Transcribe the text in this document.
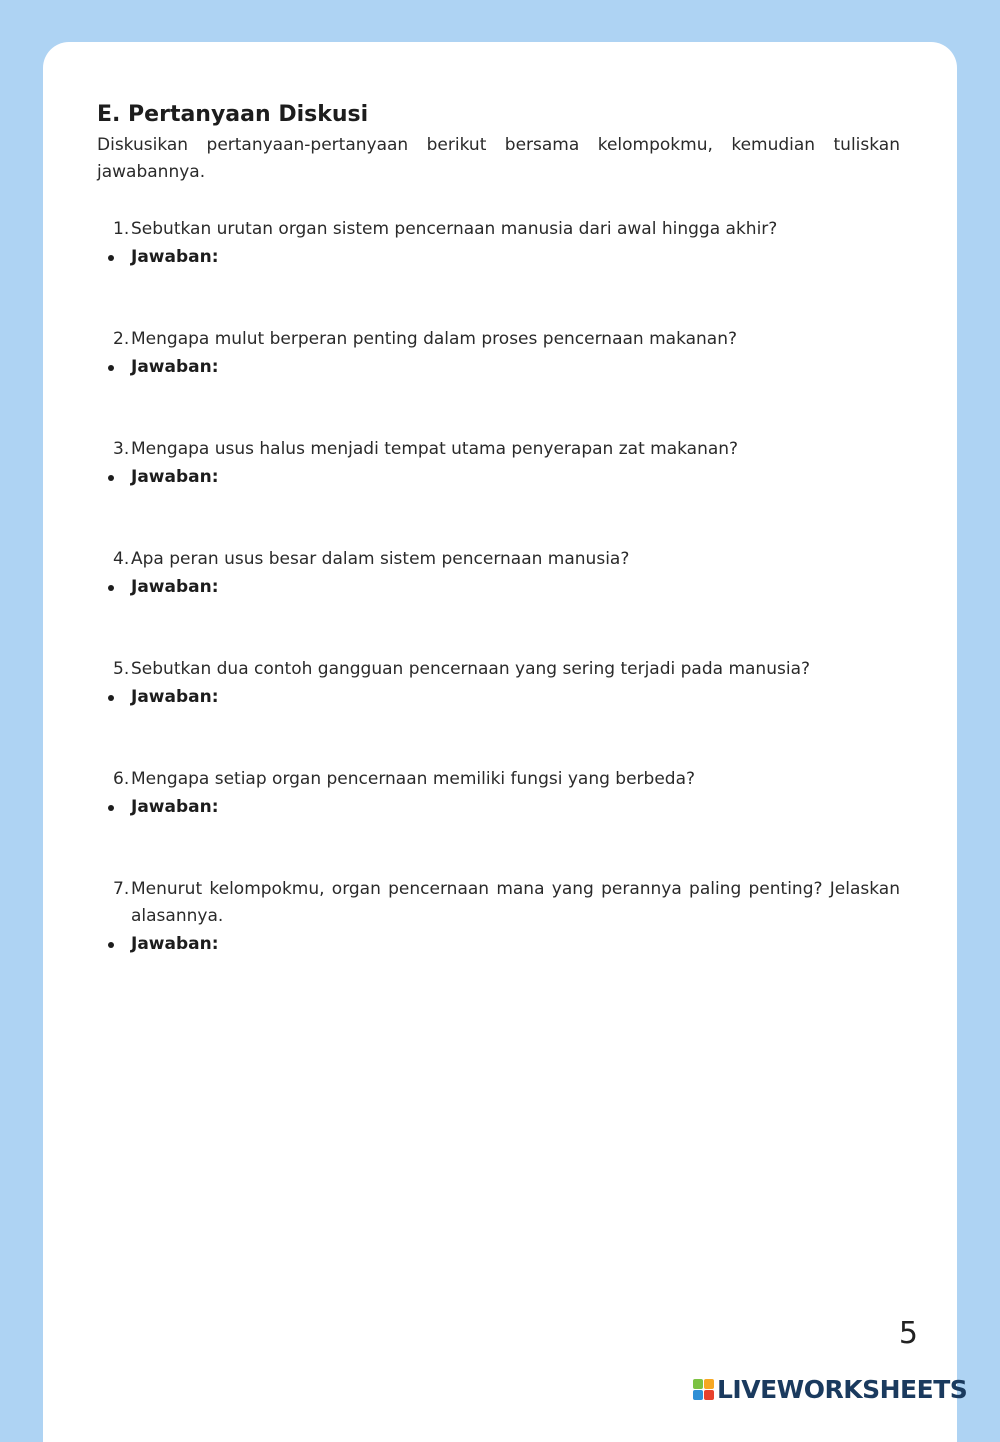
E. Pertanyaan Diskusi

Diskusikan pertanyaan-pertanyaan berikut bersama kelompokmu, kemudian tuliskan jawabannya.

1. Sebutkan urutan organ sistem pencernaan manusia dari awal hingga akhir?
Jawaban:
2. Mengapa mulut berperan penting dalam proses pencernaan makanan?
Jawaban:
3. Mengapa usus halus menjadi tempat utama penyerapan zat makanan?
Jawaban:
4. Apa peran usus besar dalam sistem pencernaan manusia?
Jawaban:
5. Sebutkan dua contoh gangguan pencernaan yang sering terjadi pada manusia?
Jawaban:
6. Mengapa setiap organ pencernaan memiliki fungsi yang berbeda?
Jawaban:
7. Menurut kelompokmu, organ pencernaan mana yang perannya paling penting? Jelaskan alasannya.
Jawaban:
5
LIVEWORKSHEETS
